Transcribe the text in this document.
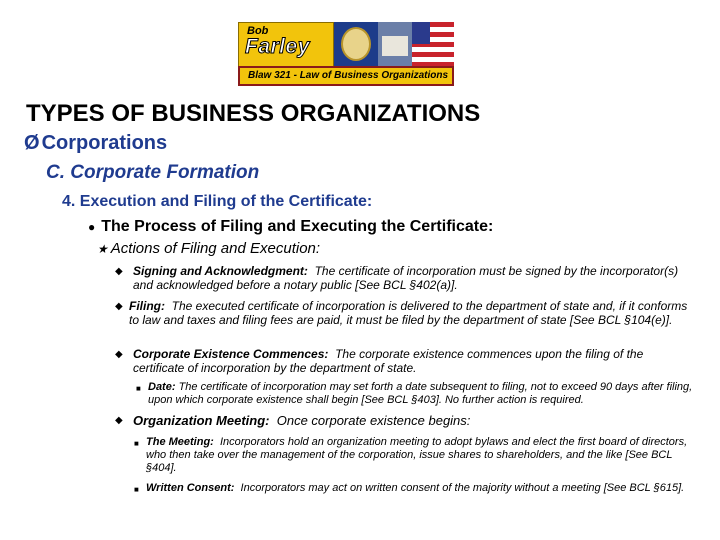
Bob
Farley
Blaw 321 - Law of Business Organizations
TYPES OF BUSINESS ORGANIZATIONS
Ø Corporations
C. Corporate Formation
4. Execution and Filing of the Certificate:
● The Process of Filing and Executing the Certificate:
★ Actions of Filing and Execution:
◆ Signing and Acknowledgment: The certificate of incorporation must be signed by the incorporator(s) and acknowledged before a notary public [See BCL §402(a)].
◆ Filing: The executed certificate of incorporation is delivered to the department of state and, if it conforms to law and taxes and filing fees are paid, it must be filed by the department of state [See BCL §104(e)].
◆ Corporate Existence Commences: The corporate existence commences upon the filing of the certificate of incorporation by the department of state.
■ Date: The certificate of incorporation may set forth a date subsequent to filing, not to exceed 90 days after filing, upon which corporate existence shall begin [See BCL §403]. No further action is required.
◆ Organization Meeting: Once corporate existence begins:
■ The Meeting: Incorporators hold an organization meeting to adopt bylaws and elect the first board of directors, who then take over the management of the corporation, issue shares to shareholders, and the like [See BCL §404].
■ Written Consent: Incorporators may act on written consent of the majority without a meeting [See BCL §615].
